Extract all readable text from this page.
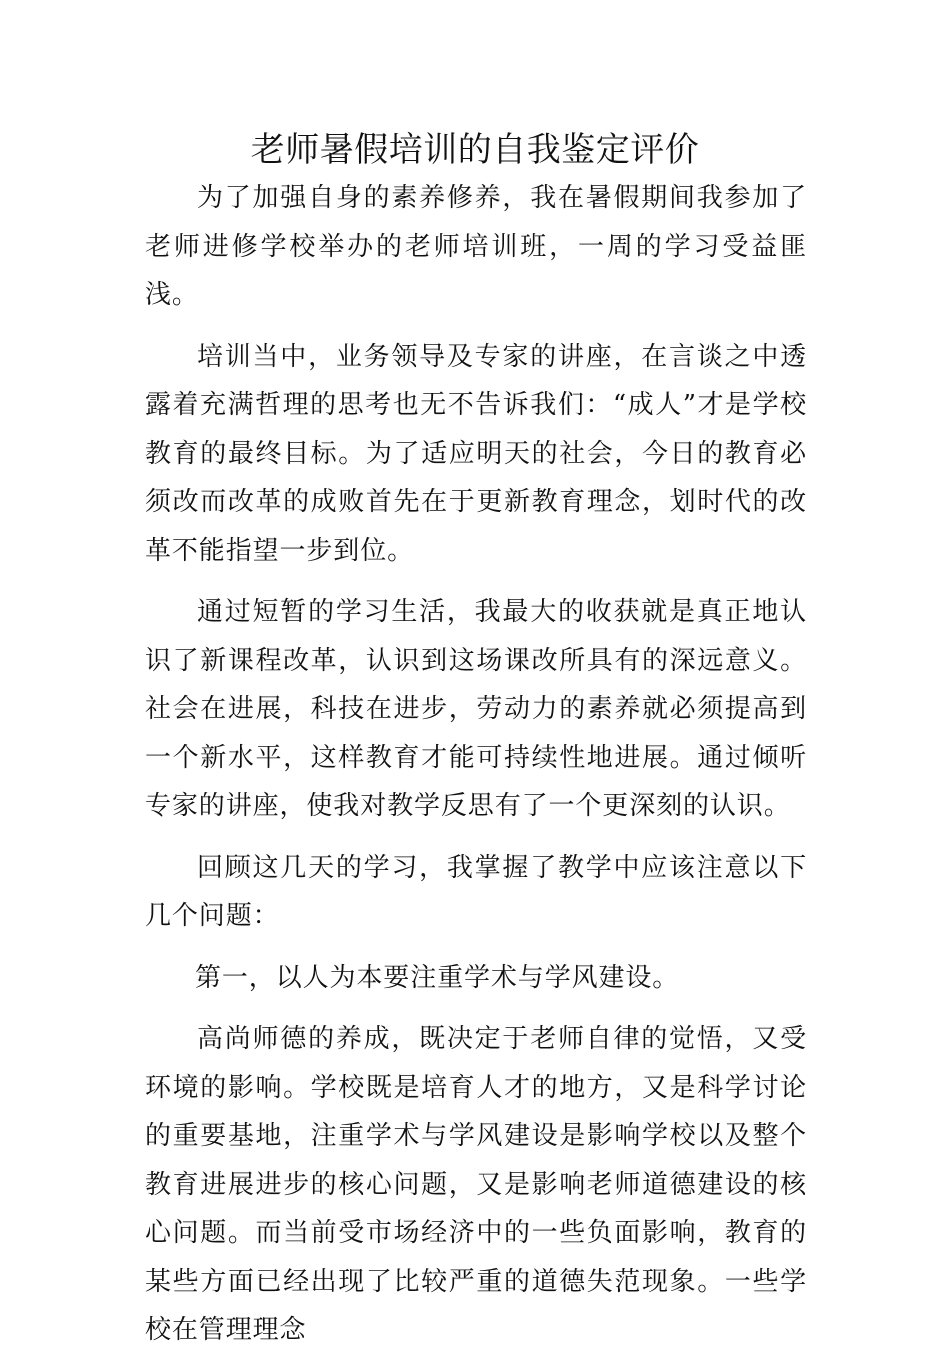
老师暑假培训的自我鉴定评价

为了加强自身的素养修养，我在暑假期间我参加了老师进修学校举办的老师培训班，一周的学习受益匪浅。

培训当中，业务领导及专家的讲座，在言谈之中透露着充满哲理的思考也无不告诉我们：“成人”才是学校教育的最终目标。为了适应明天的社会，今日的教育必须改而改革的成败首先在于更新教育理念，划时代的改革不能指望一步到位。

通过短暂的学习生活，我最大的收获就是真正地认识了新课程改革，认识到这场课改所具有的深远意义。社会在进展，科技在进步，劳动力的素养就必须提高到一个新水平，这样教育才能可持续性地进展。通过倾听专家的讲座，使我对教学反思有了一个更深刻的认识。

回顾这几天的学习，我掌握了教学中应该注意以下几个问题：

第一，以人为本要注重学术与学风建设。

高尚师德的养成，既决定于老师自律的觉悟，又受环境的影响。学校既是培育人才的地方，又是科学讨论的重要基地，注重学术与学风建设是影响学校以及整个教育进展进步的核心问题，又是影响老师道德建设的核心问题。而当前受市场经济中的一些负面影响，教育的某些方面已经出现了比较严重的道德失范现象。一些学校在管理理念
